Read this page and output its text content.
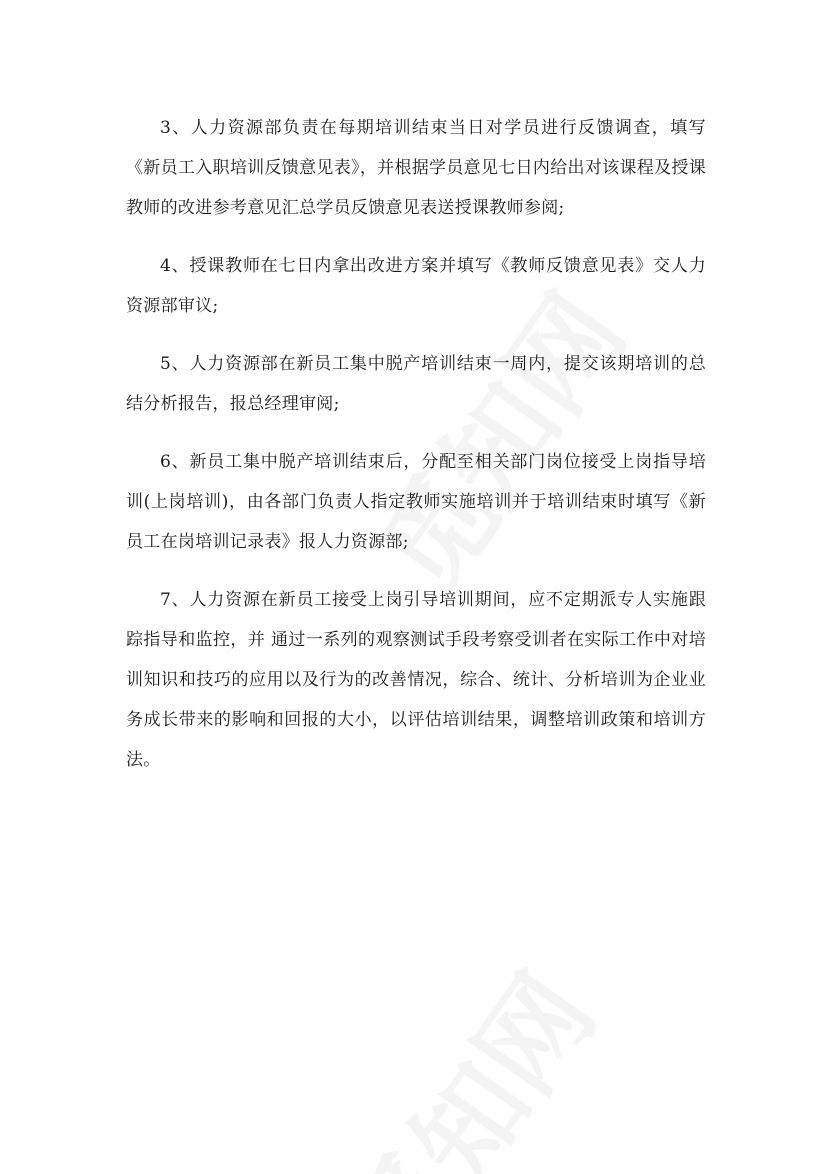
3、人力资源部负责在每期培训结束当日对学员进行反馈调查，填写《新员工入职培训反馈意见表》，并根据学员意见七日内给出对该课程及授课教师的改进参考意见汇总学员反馈意见表送授课教师参阅;

4、授课教师在七日内拿出改进方案并填写《教师反馈意见表》交人力资源部审议;

5、人力资源部在新员工集中脱产培训结束一周内，提交该期培训的总结分析报告，报总经理审阅;

6、新员工集中脱产培训结束后，分配至相关部门岗位接受上岗指导培训(上岗培训)，由各部门负责人指定教师实施培训并于培训结束时填写《新员工在岗培训记录表》报人力资源部;

7、人力资源在新员工接受上岗引导培训期间，应不定期派专人实施跟踪指导和监控，并 通过一系列的观察测试手段考察受训者在实际工作中对培训知识和技巧的应用以及行为的改善情况，综合、统计、分析培训为企业业务成长带来的影响和回报的大小，以评估培训结果，调整培训政策和培训方法。
